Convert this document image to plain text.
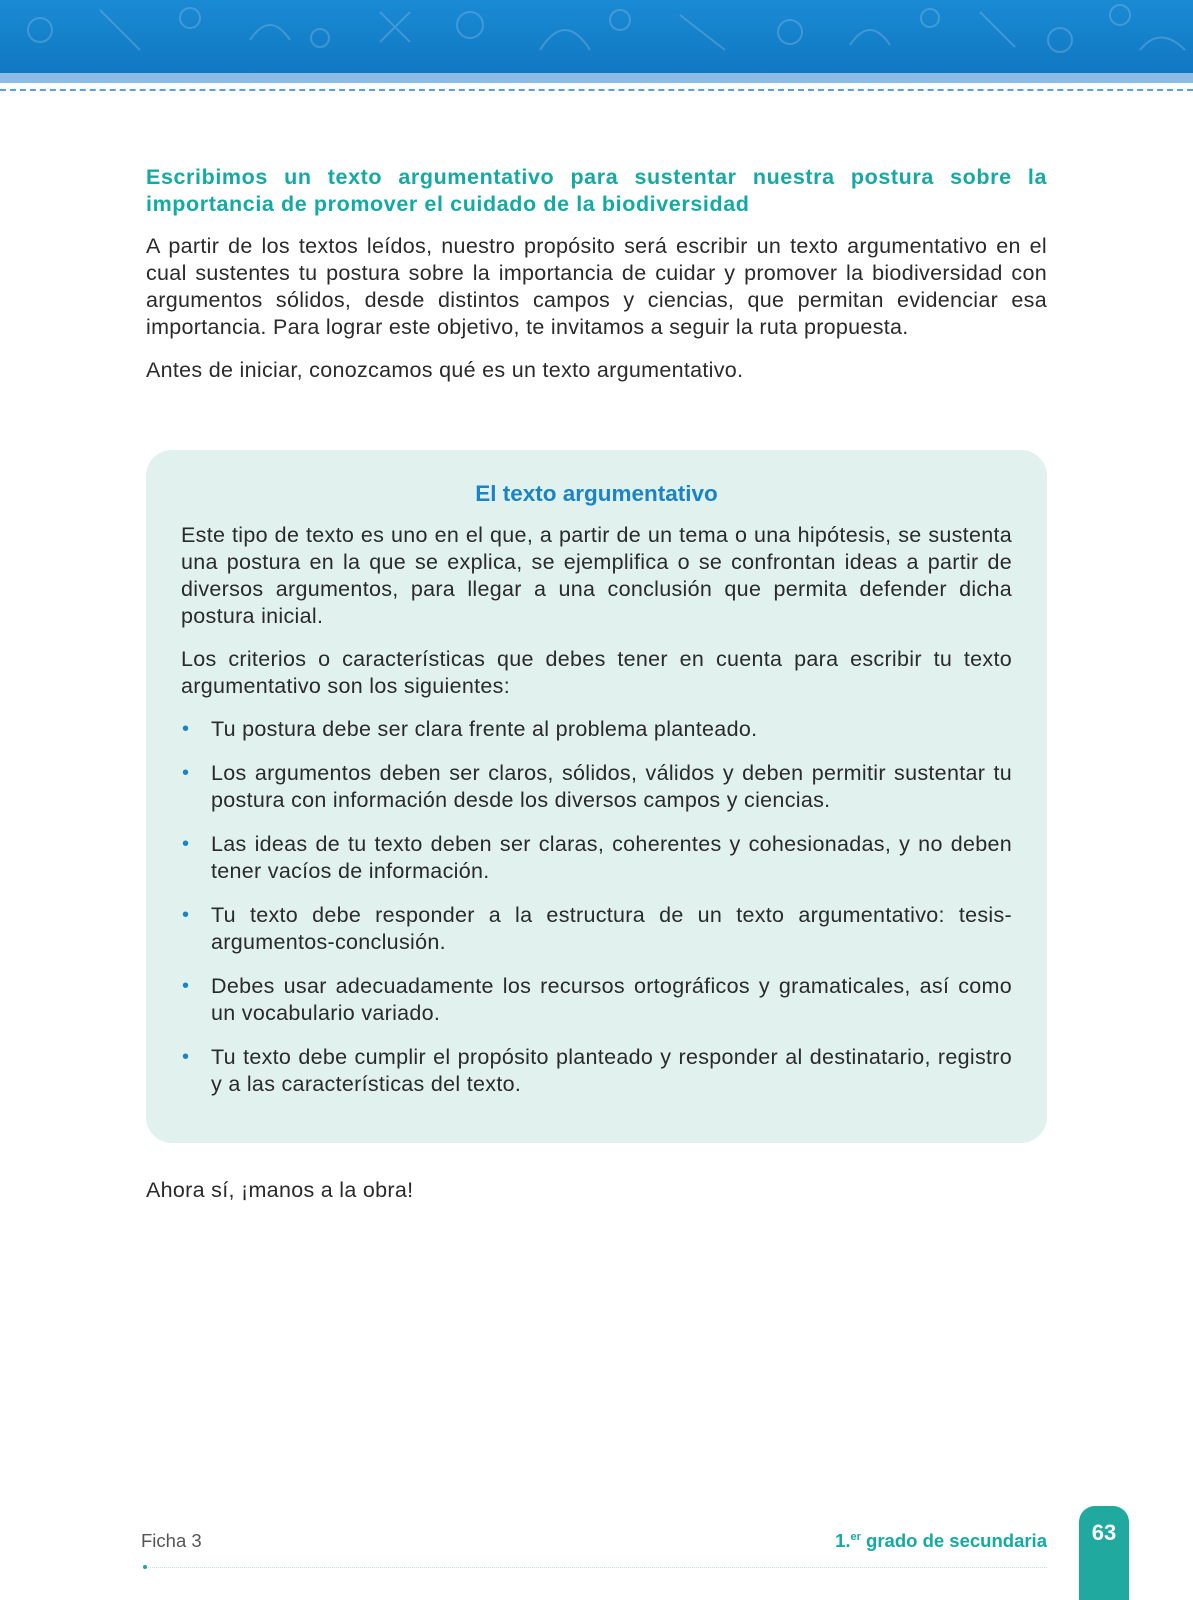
Escribimos un texto argumentativo para sustentar nuestra postura sobre la importancia de promover el cuidado de la biodiversidad

A partir de los textos leídos, nuestro propósito será escribir un texto argumentativo en el cual sustentes tu postura sobre la importancia de cuidar y promover la biodiversidad con argumentos sólidos, desde distintos campos y ciencias, que permitan evidenciar esa importancia. Para lograr este objetivo, te invitamos a seguir la ruta propuesta.

Antes de iniciar, conozcamos qué es un texto argumentativo.

El texto argumentativo

Este tipo de texto es uno en el que, a partir de un tema o una hipótesis, se sustenta una postura en la que se explica, se ejemplifica o se confrontan ideas a partir de diversos argumentos, para llegar a una conclusión que permita defender dicha postura inicial.

Los criterios o características que debes tener en cuenta para escribir tu texto argumentativo son los siguientes:

• Tu postura debe ser clara frente al problema planteado.
• Los argumentos deben ser claros, sólidos, válidos y deben permitir sustentar tu postura con información desde los diversos campos y ciencias.
• Las ideas de tu texto deben ser claras, coherentes y cohesionadas, y no deben tener vacíos de información.
• Tu texto debe responder a la estructura de un texto argumentativo: tesis-argumentos-conclusión.
• Debes usar adecuadamente los recursos ortográficos y gramaticales, así como un vocabulario variado.
• Tu texto debe cumplir el propósito planteado y responder al destinatario, registro y a las características del texto.

Ahora sí, ¡manos a la obra!

Ficha 3	1.$^{er}$ grado de secundaria	63
